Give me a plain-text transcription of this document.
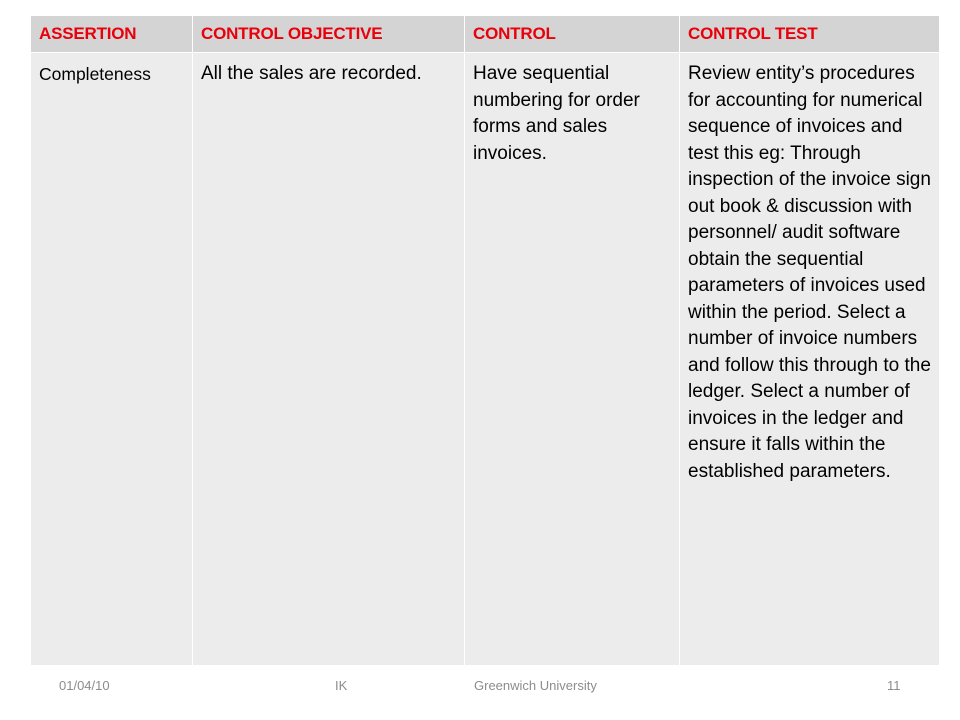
ASSERTION	CONTROL OBJECTIVE	CONTROL	CONTROL TEST
Completeness	All the sales are recorded.	Have sequential numbering for order forms and sales invoices.	Review entity’s procedures for accounting for numerical sequence of invoices and test this eg: Through inspection of the invoice sign out book & discussion with personnel/ audit software obtain the sequential parameters of invoices used within the period. Select a number of invoice numbers and follow this through to the ledger. Select a number of invoices in the ledger and ensure it falls within the established parameters.
01/04/10	IK	Greenwich University	11
